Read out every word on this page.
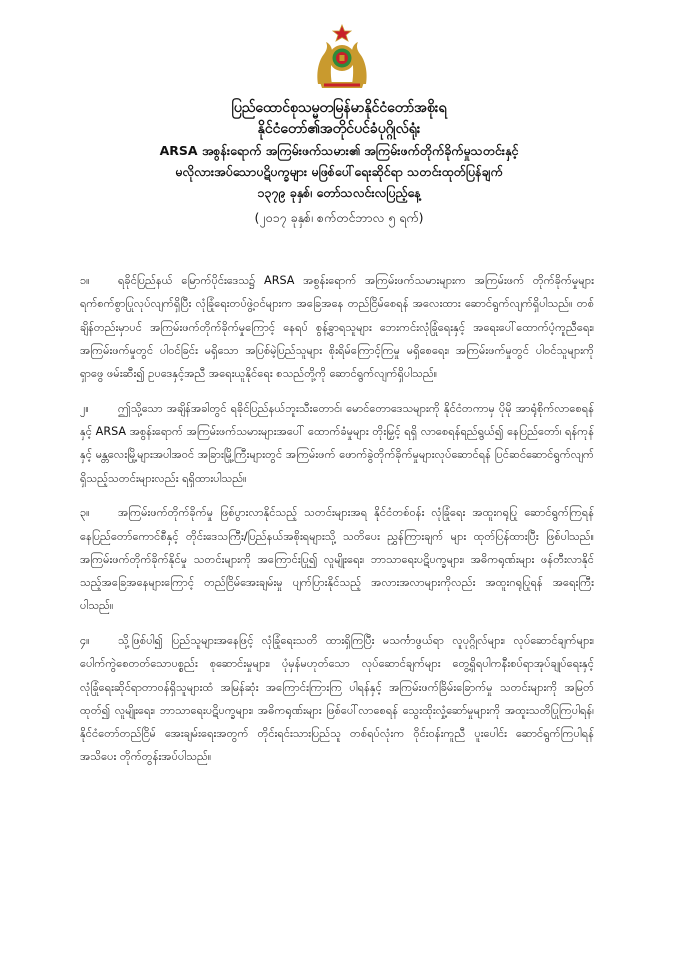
ပြည်ထောင်စုသမ္မတမြန်မာနိုင်ငံတော်အစိုးရ
နိုင်ငံတော်၏အတိုင်ပင်ခံပုဂ္ဂိုလ်ရုံး
ARSA အစွန်းရောက် အကြမ်းဖက်သမား၏ အကြမ်းဖက်တိုက်ခိုက်မှုသတင်းနှင့်
မလိုလားအပ်သောပဋိပက္ခများ မဖြစ်ပေါ်ရေးဆိုင်ရာ သတင်းထုတ်ပြန်ချက်
၁၃၇၉ ခုနှစ်၊ တော်သလင်းလပြည့်နေ့
(၂၀၁၇ ခုနှစ်၊ စက်တင်ဘာလ ၅ ရက်)

၁။	ရခိုင်ပြည်နယ် မြောက်ပိုင်းဒေသ၌ ARSA အစွန်းရောက် အကြမ်းဖက်သမားများက အကြမ်းဖက် တိုက်ခိုက်မှုများ ရက်စက်စွာပြုလုပ်လျက်ရှိပြီး လုံခြုံရေးတပ်ဖွဲ့ဝင်များက အခြေအနေ တည်ငြိမ်စေရန် အလေးထား ဆောင်ရွက်လျက်ရှိပါသည်။ တစ်ချိန်တည်းမှာပင် အကြမ်းဖက်တိုက်ခိုက်မှုကြောင့် နေရပ် စွန့်ခွာရသူများ ဘေးကင်းလုံခြုံရေးနှင့် အရေးပေါ်ထောက်ပံ့ကူညီရေး၊ အကြမ်းဖက်မှုတွင် ပါဝင်ခြင်း မရှိသော အပြစ်မဲ့ပြည်သူများ စိုးရိမ်ကြောင့်ကြမှု မရှိစေရေး၊ အကြမ်းဖက်မှုတွင် ပါဝင်သူများကို ရှာဖွေ ဖမ်းဆီး၍ ဥပဒေနှင့်အညီ အရေးယူနိုင်ရေး စသည်တို့ကို ဆောင်ရွက်လျက်ရှိပါသည်။

၂။	ဤသို့သော အချိန်အခါတွင် ရခိုင်ပြည်နယ်ဘူးသီးတောင်၊ မောင်တောဒေသများကို နိုင်ငံတကာမှ ပိုမို အာရုံစိုက်လာစေရန်နှင့် ARSA အစွန်းရောက် အကြမ်းဖက်သမားများအပေါ် ထောက်ခံမှုများ တိုးမြှင့် ရရှိ လာစေရန်ရည်ရွယ်၍ နေပြည်တော်၊ ရန်ကုန်နှင့် မန္တလေးမြို့များအပါအဝင် အခြားမြို့ကြီးများတွင် အကြမ်းဖက် ဖောက်ခွဲတိုက်ခိုက်မှုများလုပ်ဆောင်ရန် ပြင်ဆင်ဆောင်ရွက်လျက်ရှိသည့်သတင်းများလည်း ရရှိထားပါသည်။

၃။	အကြမ်းဖက်တိုက်ခိုက်မှု ဖြစ်ပွားလာနိုင်သည့် သတင်းများအရ နိုင်ငံတစ်ဝန်း လုံခြုံရေး အထူးဂရုပြု ဆောင်ရွက်ကြရန် နေပြည်တော်ကောင်စီနှင့် တိုင်းဒေသကြီး/ပြည်နယ်အစိုးရများသို့ သတိပေး ညွှန်ကြားချက် များ ထုတ်ပြန်ထားပြီး ဖြစ်ပါသည်။ အကြမ်းဖက်တိုက်ခိုက်နိုင်မှု သတင်းများကို အကြောင်းပြု၍ လူမျိုးရေး၊ ဘာသာရေးပဋိပက္ခများ၊ အဓိကရုဏ်းများ ဖန်တီးလာနိုင်သည့်အခြေအနေများကြောင့် တည်ငြိမ်အေးချမ်းမှု ပျက်ပြားနိုင်သည့် အလားအလာများကိုလည်း အထူးဂရုပြုရန် အရေးကြီးပါသည်။

၄။	သို့ဖြစ်ပါ၍ ပြည်သူများအနေဖြင့် လုံခြုံရေးသတိ ထားရှိကြပြီး မသင်္ကာဖွယ်ရာ လူပုဂ္ဂိုလ်များ၊ လုပ်ဆောင်ချက်များ၊ ပေါက်ကွဲစေတတ်သောပစ္စည်း စုဆောင်းမှုများ၊ ပုံမှန်မဟုတ်သော လုပ်ဆောင်ချက်များ တွေ့ရှိရပါကနီးစပ်ရာအုပ်ချုပ်ရေးနှင့် လုံခြုံရေးဆိုင်ရာတာဝန်ရှိသူများထံ အမြန်ဆုံး အကြောင်းကြားကြ ပါရန်နှင့် အကြမ်းဖက်ခြိမ်းခြောက်မှု သတင်းများကို အမြတ်ထုတ်၍ လူမျိုးရေး၊ ဘာသာရေးပဋိပက္ခများ၊ အဓိကရုဏ်းများ ဖြစ်ပေါ်လာစေရန် သွေးထိုးလှုံ့ဆော်မှုများကို အထူးသတိပြုကြပါရန်၊ နိုင်ငံတော်တည်ငြိမ် အေးချမ်းရေးအတွက် တိုင်းရင်းသားပြည်သူ တစ်ရပ်လုံးက ဝိုင်းဝန်းကူညီ ပူးပေါင်း ဆောင်ရွက်ကြပါရန် အသိပေး တိုက်တွန်းအပ်ပါသည်။
